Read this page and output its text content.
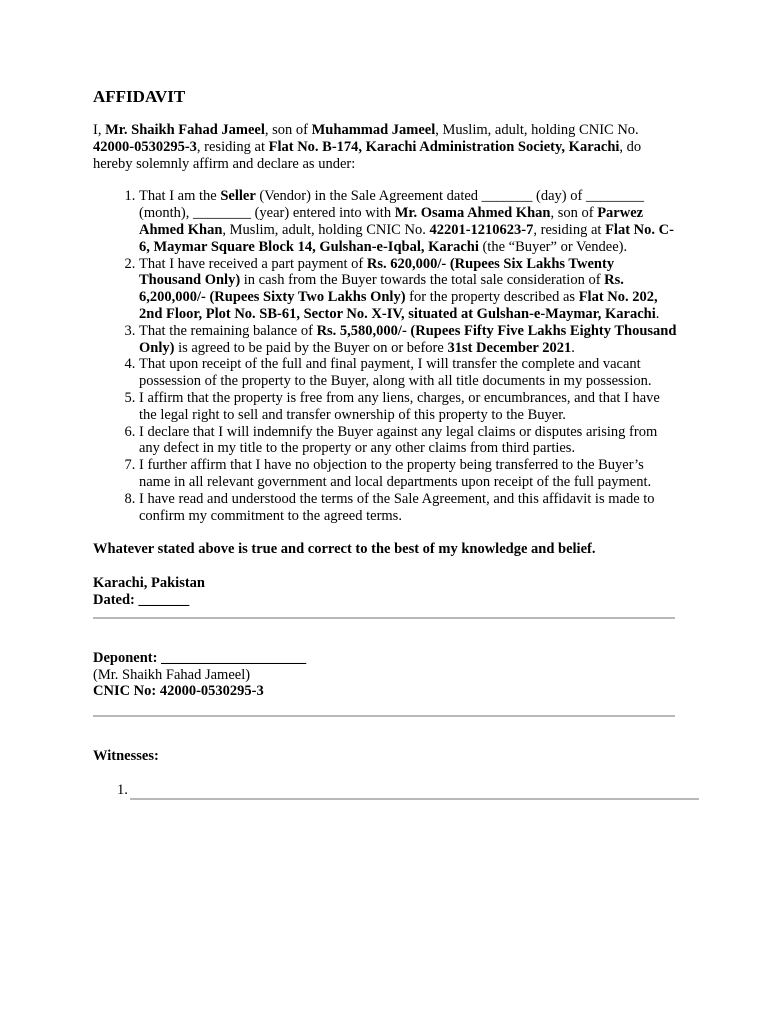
AFFIDAVIT

I, Mr. Shaikh Fahad Jameel, son of Muhammad Jameel, Muslim, adult, holding CNIC No. 42000-0530295-3, residing at Flat No. B-174, Karachi Administration Society, Karachi, do hereby solemnly affirm and declare as under:

1. That I am the Seller (Vendor) in the Sale Agreement dated _______ (day) of ________ (month), ________ (year) entered into with Mr. Osama Ahmed Khan, son of Parwez Ahmed Khan, Muslim, adult, holding CNIC No. 42201-1210623-7, residing at Flat No. C-6, Maymar Square Block 14, Gulshan-e-Iqbal, Karachi (the “Buyer” or Vendee).
2. That I have received a part payment of Rs. 620,000/- (Rupees Six Lakhs Twenty Thousand Only) in cash from the Buyer towards the total sale consideration of Rs. 6,200,000/- (Rupees Sixty Two Lakhs Only) for the property described as Flat No. 202, 2nd Floor, Plot No. SB-61, Sector No. X-IV, situated at Gulshan-e-Maymar, Karachi.
3. That the remaining balance of Rs. 5,580,000/- (Rupees Fifty Five Lakhs Eighty Thousand Only) is agreed to be paid by the Buyer on or before 31st December 2021.
4. That upon receipt of the full and final payment, I will transfer the complete and vacant possession of the property to the Buyer, along with all title documents in my possession.
5. I affirm that the property is free from any liens, charges, or encumbrances, and that I have the legal right to sell and transfer ownership of this property to the Buyer.
6. I declare that I will indemnify the Buyer against any legal claims or disputes arising from any defect in my title to the property or any other claims from third parties.
7. I further affirm that I have no objection to the property being transferred to the Buyer’s name in all relevant government and local departments upon receipt of the full payment.
8. I have read and understood the terms of the Sale Agreement, and this affidavit is made to confirm my commitment to the agreed terms.

Whatever stated above is true and correct to the best of my knowledge and belief.

Karachi, Pakistan

Dated: _______

Deponent: ____________________
(Mr. Shaikh Fahad Jameel)
CNIC No: 42000-0530295-3
Witnesses:
1.
